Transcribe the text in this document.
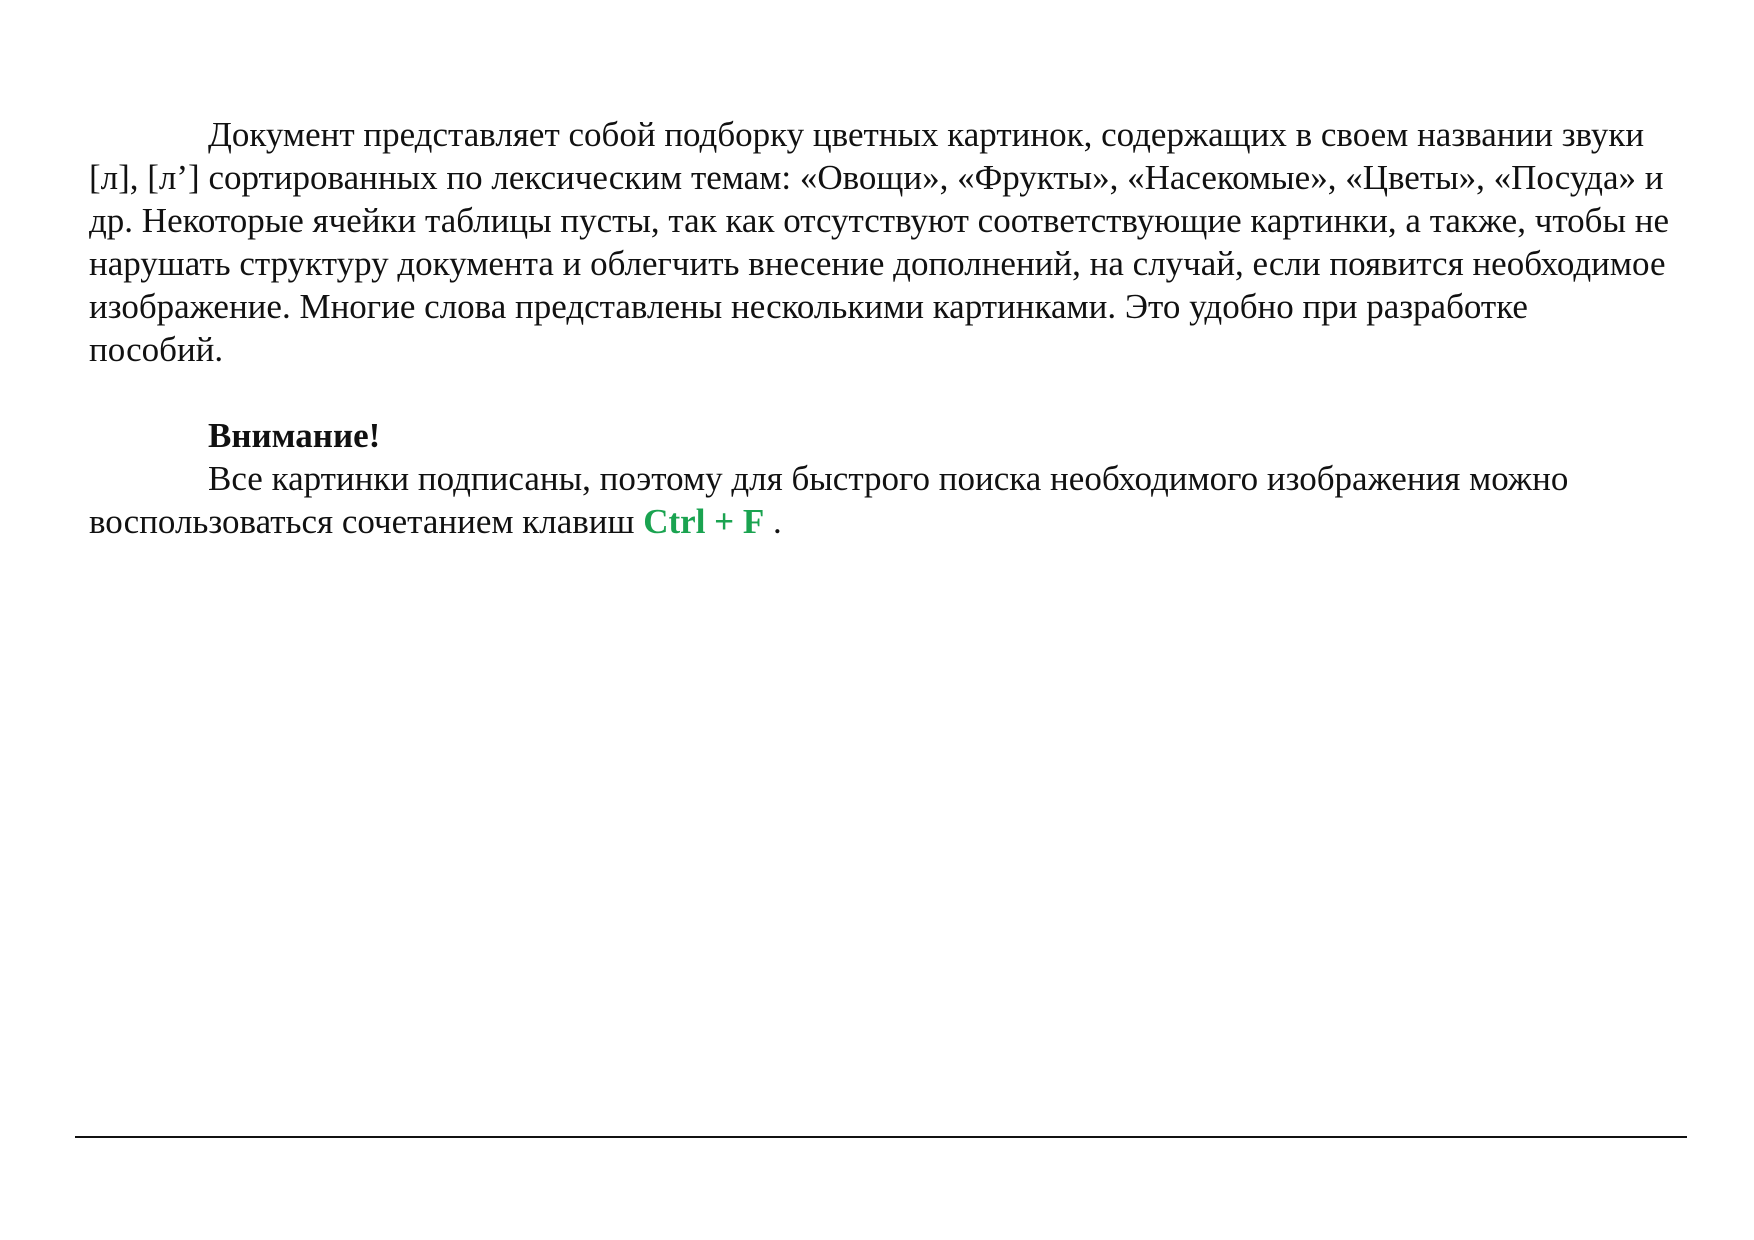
Документ представляет собой подборку цветных картинок, содержащих в своем названии звуки [л], [л’] сортированных по лексическим темам: «Овощи», «Фрукты», «Насекомые», «Цветы», «Посуда» и др. Некоторые ячейки таблицы пусты, так как отсутствуют соответствующие картинки, а также, чтобы не нарушать структуру документа и облегчить внесение дополнений, на случай, если появится необходимое изображение. Многие слова представлены несколькими картинками. Это удобно при разработке пособий.

Внимание!

Все картинки подписаны, поэтому для быстрого поиска необходимого изображения можно воспользоваться сочетанием клавиш Ctrl + F .
